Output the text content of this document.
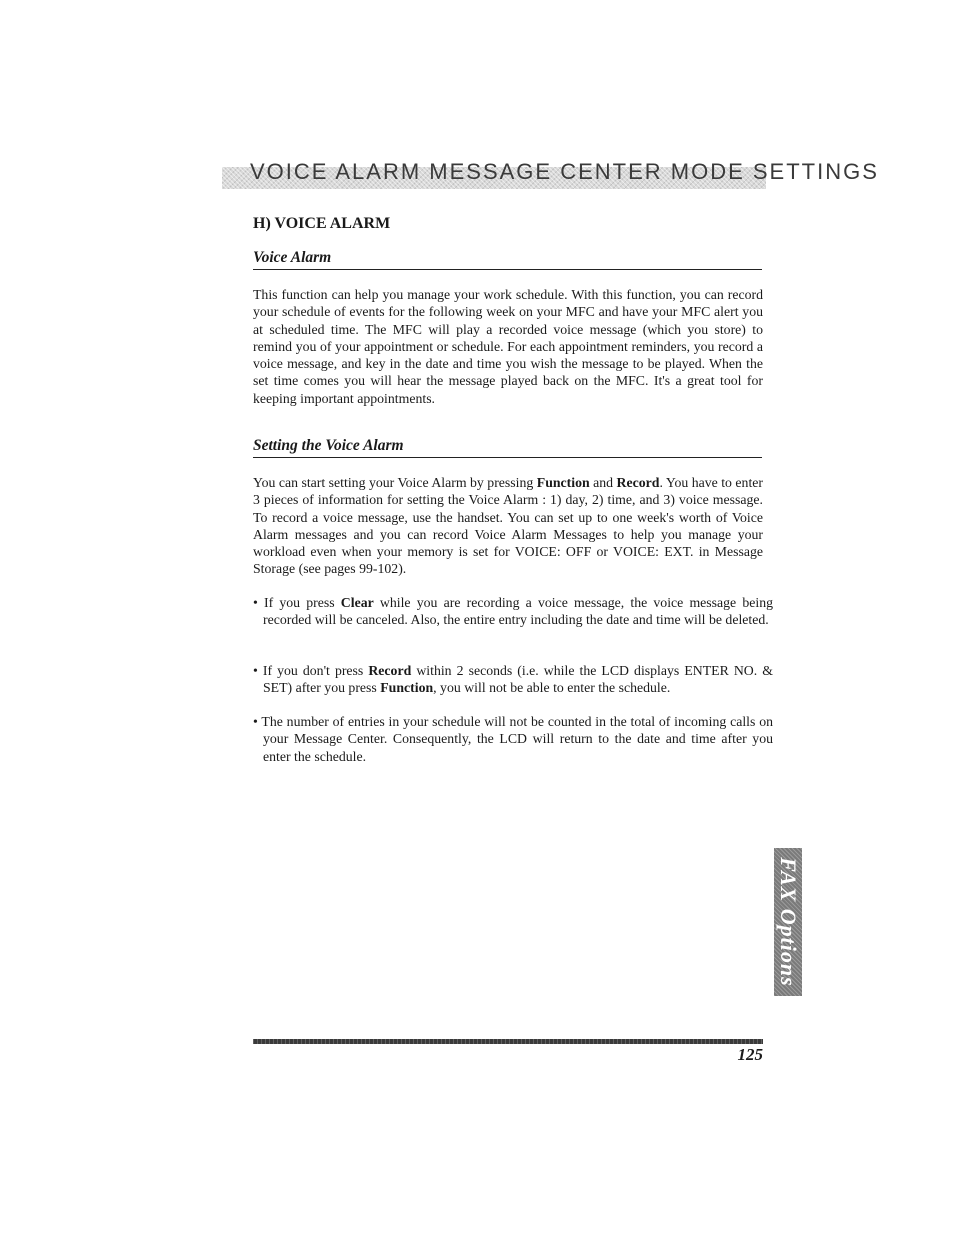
VOICE ALARM MESSAGE CENTER MODE SETTINGS
H) VOICE ALARM
Voice Alarm

This function can help you manage your work schedule. With this function, you can record your schedule of events for the following week on your MFC and have your MFC alert you at scheduled time. The MFC will play a recorded voice message (which you store) to remind you of your appointment or schedule. For each appointment reminders, you record a voice message, and key in the date and time you wish the message to be played. When the set time comes you will hear the message played back on the MFC. It's a great tool for keeping important appointments.

Setting the Voice Alarm

You can start setting your Voice Alarm by pressing Function and Record. You have to enter 3 pieces of information for setting the Voice Alarm : 1) day, 2) time, and 3) voice message. To record a voice message, use the handset. You can set up to one week's worth of Voice Alarm messages and you can record Voice Alarm Messages to help you manage your workload even when your memory is set for VOICE: OFF or VOICE: EXT. in Message Storage (see pages 99-102).

• If you press Clear while you are recording a voice message, the voice message being recorded will be canceled. Also, the entire entry including the date and time will be deleted.

• If you don't press Record within 2 seconds (i.e. while the LCD displays ENTER NO. & SET) after you press Function, you will not be able to enter the schedule.

• The number of entries in your schedule will not be counted in the total of incoming calls on your Message Center. Consequently, the LCD will return to the date and time after you enter the schedule.

FAX Options
125
